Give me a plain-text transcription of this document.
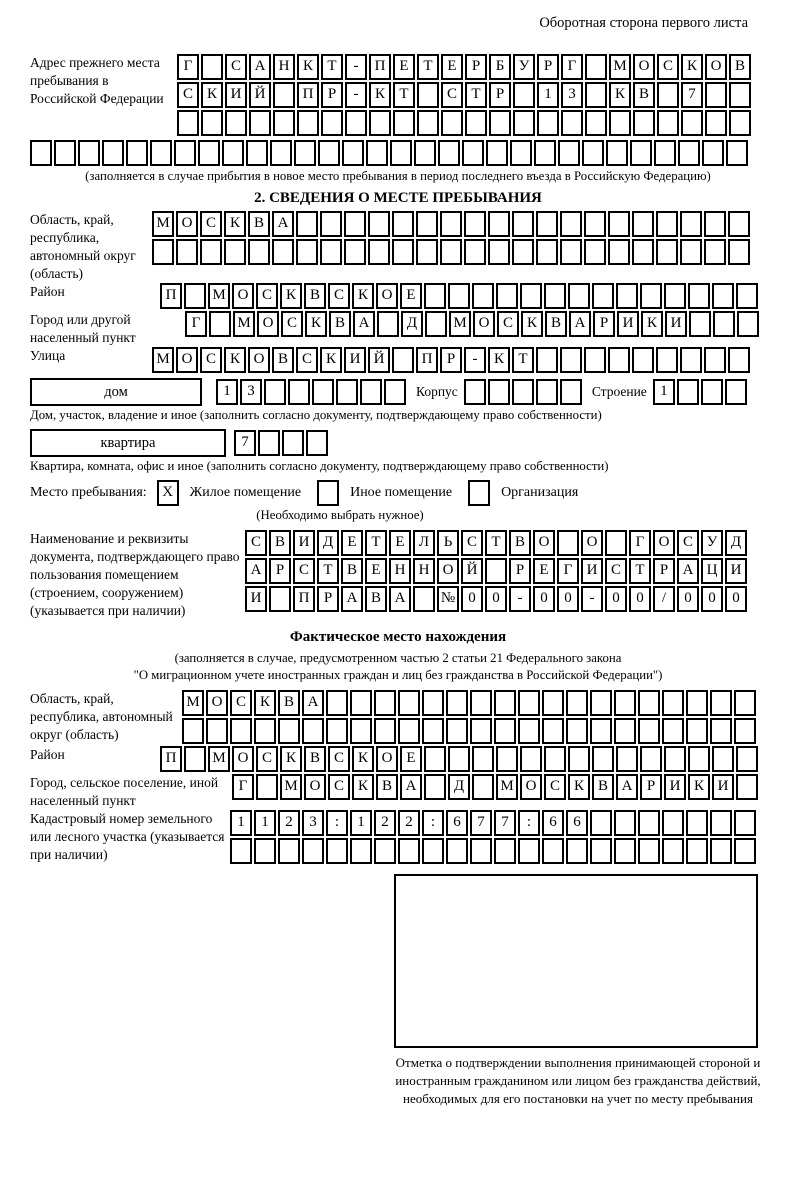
Оборотная сторона первого листа
Адрес прежнего места пребывания в Российской Федерации
Г	С А Н К Т - П Е Т Е Р Б У Р Г М О С К О В
С К И Й П Р - К Т	С Т Р	1 3	К В	7
(заполняется в случае прибытия в новое место пребывания в период последнего въезда в Российскую Федерацию)
2. СВЕДЕНИЯ О МЕСТЕ ПРЕБЫВАНИЯ
Область, край, республика, автономный округ (область)
М О С К В А
Район	П М О С К В С К О Е
Город или другой населенный пункт
Г М О С К В А Д М О С К В А Р И К И
Улица	М О С К О В С К И Й П Р - К Т
дом	1 3	Корпус	Строение 1
Дом, участок, владение и иное (заполнить согласно документу, подтверждающему право собственности)
квартира	7
Квартира, комната, офис и иное (заполнить согласно документу, подтверждающему право собственности)
Место пребывания:	X	Жилое помещение	Иное помещение	Организация
(Необходимо выбрать нужное)
Наименование и реквизиты документа, подтверждающего право пользования помещением (строением, сооружением) (указывается при наличии)
С В И Д Е Т Е Л Ь С Т В О О	Г О С У Д
А Р С Т В Е Н Н О Й	Р Е Г И С Т Р А Ц И
И П Р А В А № 0 0 - 0 0 - 0 0 / 0 0 0
Фактическое место нахождения
(заполняется в случае, предусмотренном частью 2 статьи 21 Федерального закона
"О миграционном учете иностранных граждан и лиц без гражданства в Российской Федерации")
Область, край, республика, автономный округ (область)
М О С К В А
Район	П М О С К В С К О Е
Город, сельское поселение, иной населенный пункт
Г М О С К В А Д М О С К В А Р И К И
Кадастровый номер земельного или лесного участка (указывается при наличии)
1 1 2 3 : 1 2 2 : 6 7 7 : 6 6
Отметка о подтверждении выполнения принимающей стороной и иностранным гражданином или лицом без гражданства действий, необходимых для его постановки на учет по месту пребывания
